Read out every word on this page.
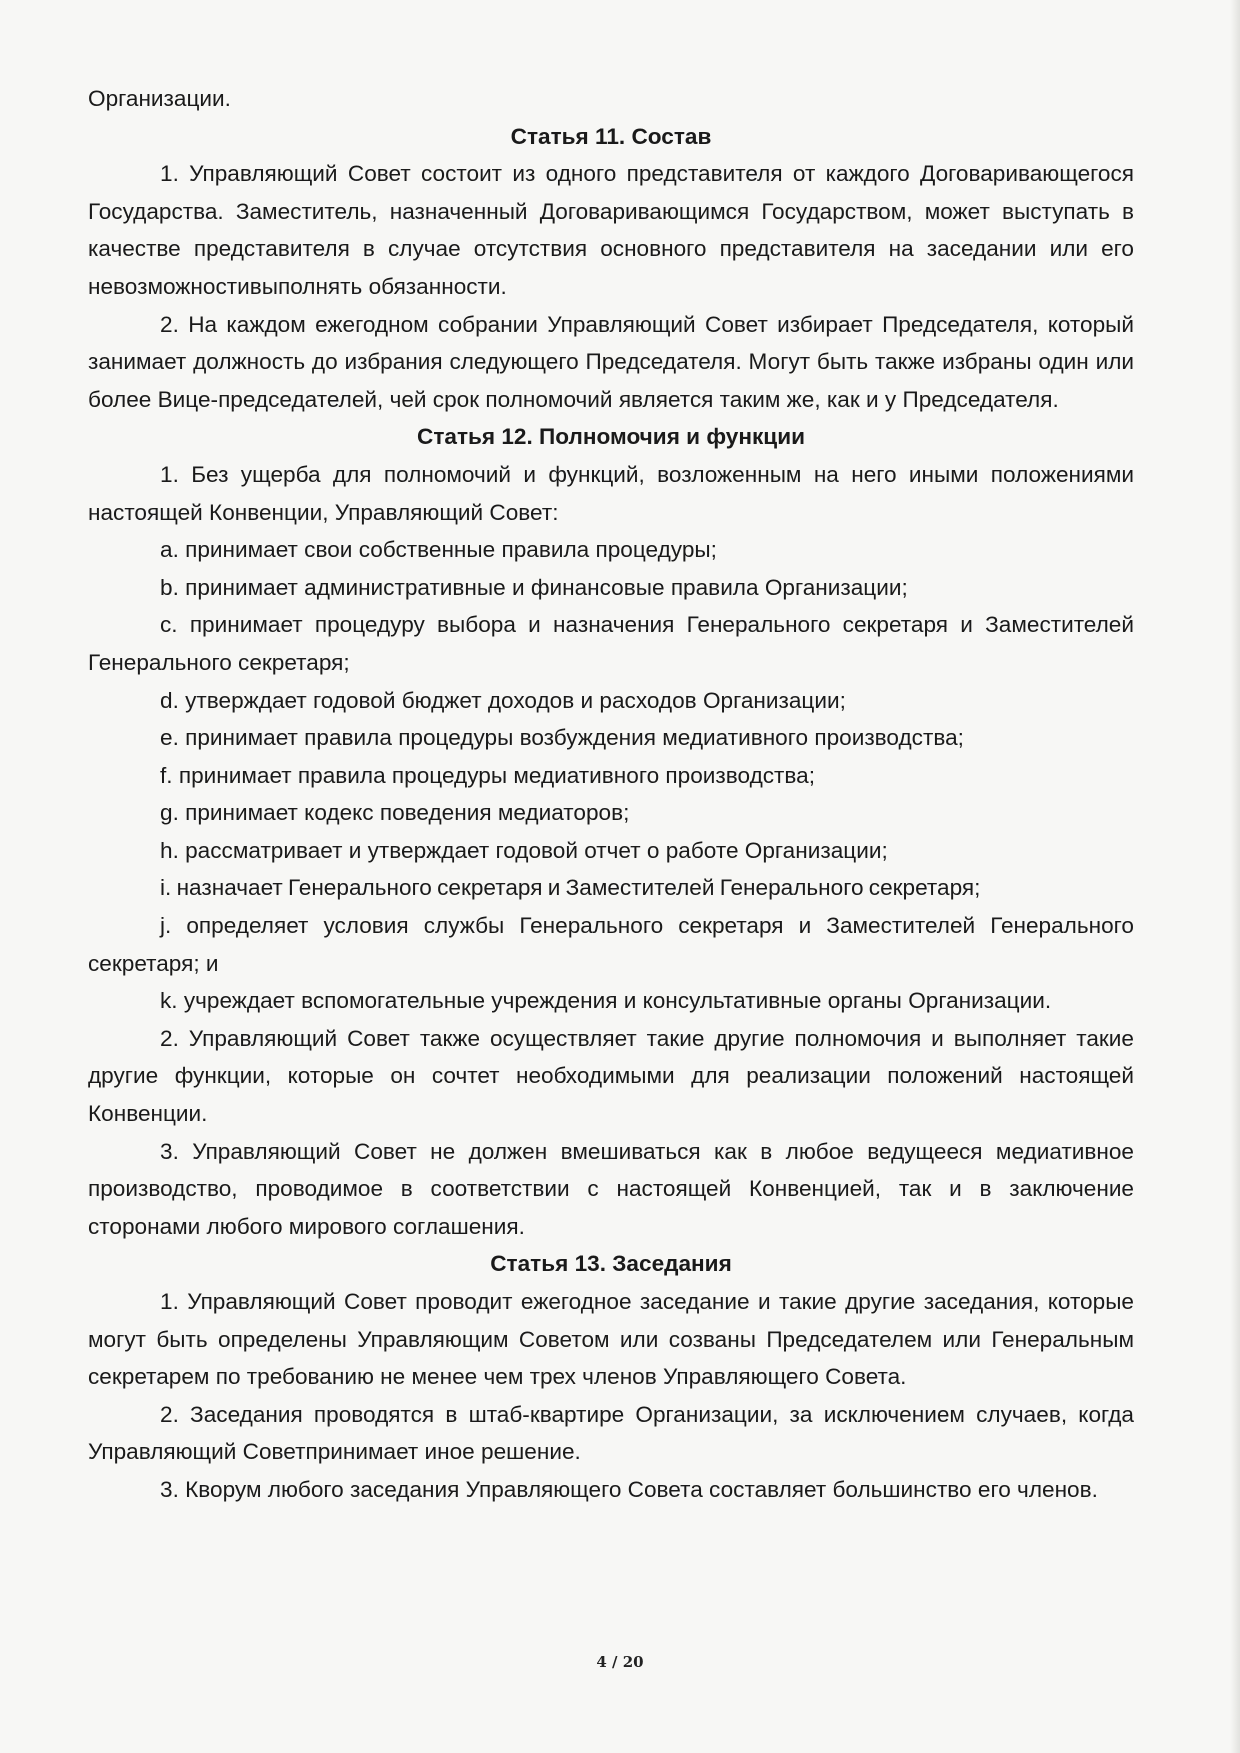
Организации.

Статья 11. Состав

1. Управляющий Совет состоит из одного представителя от каждого Договаривающегося Государства. Заместитель, назначенный Договаривающимся Государством, может выступать в качестве представителя в случае отсутствия основного представителя на заседании или его невозможностивыполнять обязанности.

2. На каждом ежегодном собрании Управляющий Совет избирает Председателя, который занимает должность до избрания следующего Председателя. Могут быть также избраны один или более Вице-председателей, чей срок полномочий является таким же, как и у Председателя.

Статья 12. Полномочия и функции

1. Без ущерба для полномочий и функций, возложенным на него иными положениями настоящей Конвенции, Управляющий Совет:

a. принимает свои собственные правила процедуры;

b. принимает административные и финансовые правила Организации;

c. принимает процедуру выбора и назначения Генерального секретаря и Заместителей Генерального секретаря;

d. утверждает годовой бюджет доходов и расходов Организации;

e. принимает правила процедуры возбуждения медиативного производства;

f. принимает правила процедуры медиативного производства;

g. принимает кодекс поведения медиаторов;

h. рассматривает и утверждает годовой отчет о работе Организации;

i. назначает Генерального секретаря и Заместителей Генерального секретаря;

j. определяет условия службы Генерального секретаря и Заместителей Генерального секретаря; и

k. учреждает вспомогательные учреждения и консультативные органы Организации.

2. Управляющий Совет также осуществляет такие другие полномочия и выполняет такие другие функции, которые он сочтет необходимыми для реализации положений настоящей Конвенции.

3. Управляющий Совет не должен вмешиваться как в любое ведущееся медиативное производство, проводимое в соответствии с настоящей Конвенцией, так и в заключение сторонами любого мирового соглашения.

Статья 13. Заседания

1. Управляющий Совет проводит ежегодное заседание и такие другие заседания, которые могут быть определены Управляющим Советом или созваны Председателем или Генеральным секретарем по требованию не менее чем трех членов Управляющего Совета.

2. Заседания проводятся в штаб-квартире Организации, за исключением случаев, когда Управляющий Советпринимает иное решение.

3. Кворум любого заседания Управляющего Совета составляет большинство его членов.

4 / 20
